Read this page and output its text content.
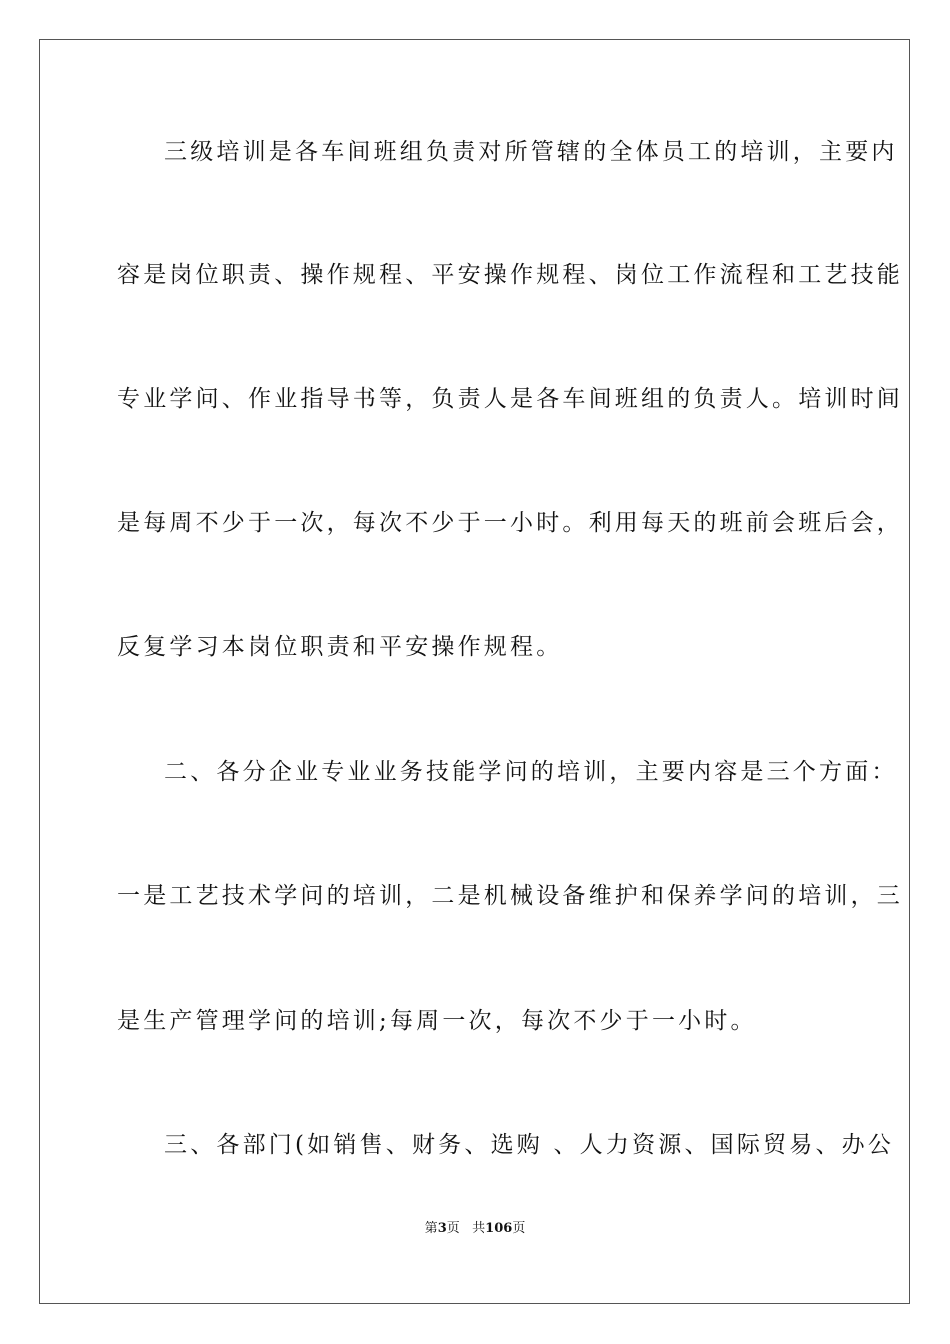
三级培训是各车间班组负责对所管辖的全体员工的培训，主要内
容是岗位职责、操作规程、平安操作规程、岗位工作流程和工艺技能
专业学问、作业指导书等，负责人是各车间班组的负责人。培训时间
是每周不少于一次，每次不少于一小时。利用每天的班前会班后会，
反复学习本岗位职责和平安操作规程。
二、各分企业专业业务技能学问的培训，主要内容是三个方面：
一是工艺技术学问的培训，二是机械设备维护和保养学问的培训，三
是生产管理学问的培训;每周一次，每次不少于一小时。
三、各部门(如销售、财务、选购 、人力资源、国际贸易、办公
第3页 共106页
